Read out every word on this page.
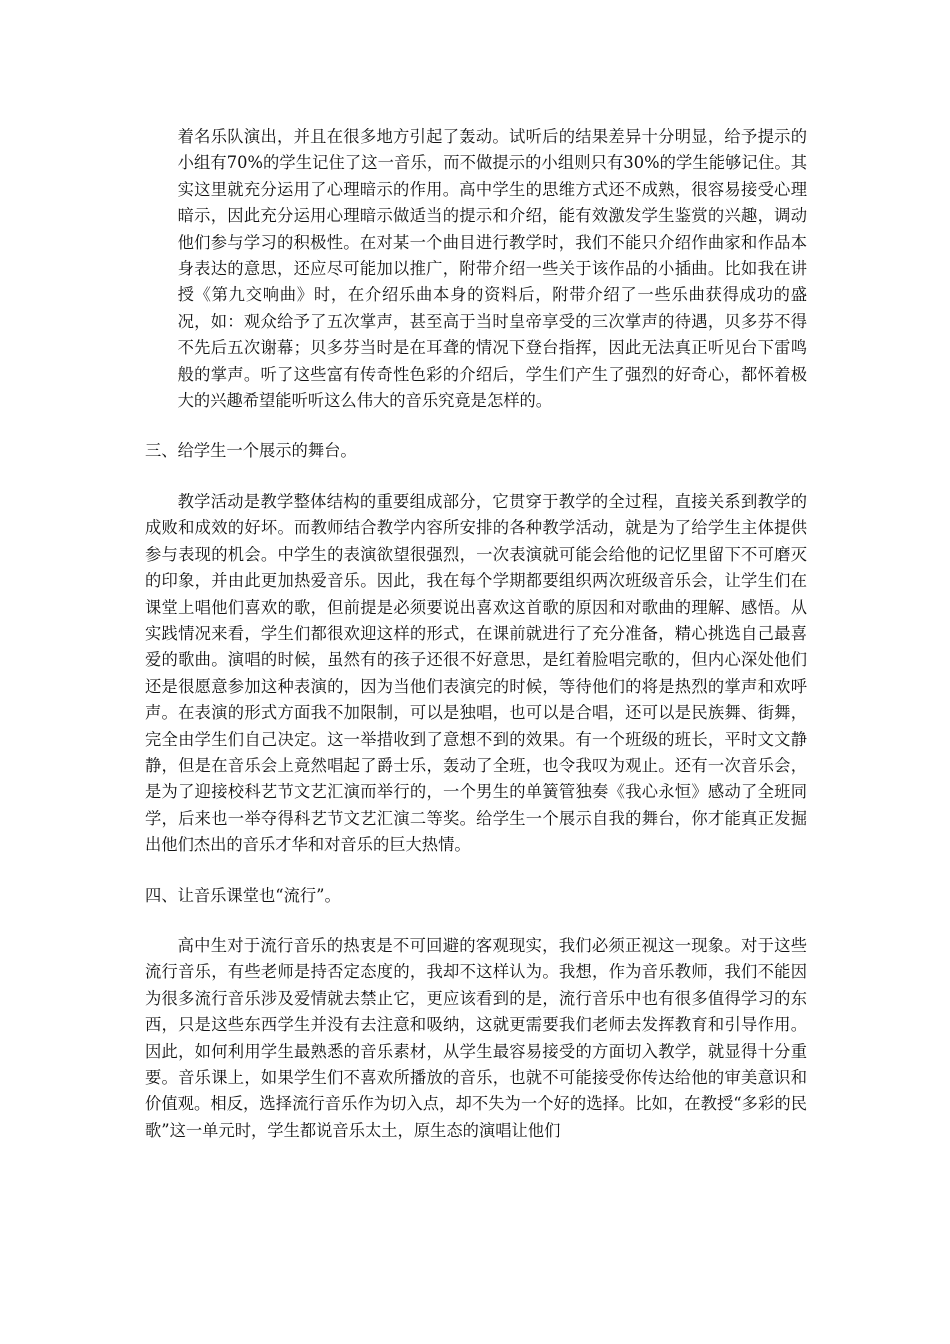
着名乐队演出，并且在很多地方引起了轰动。试听后的结果差异十分明显，给予提示的小组有70%的学生记住了这一音乐，而不做提示的小组则只有30%的学生能够记住。其实这里就充分运用了心理暗示的作用。高中学生的思维方式还不成熟，很容易接受心理暗示，因此充分运用心理暗示做适当的提示和介绍，能有效激发学生鉴赏的兴趣，调动他们参与学习的积极性。在对某一个曲目进行教学时，我们不能只介绍作曲家和作品本身表达的意思，还应尽可能加以推广，附带介绍一些关于该作品的小插曲。比如我在讲授《第九交响曲》时，在介绍乐曲本身的资料后，附带介绍了一些乐曲获得成功的盛况，如：观众给予了五次掌声，甚至高于当时皇帝享受的三次掌声的待遇，贝多芬不得不先后五次谢幕；贝多芬当时是在耳聋的情况下登台指挥，因此无法真正听见台下雷鸣般的掌声。听了这些富有传奇性色彩的介绍后，学生们产生了强烈的好奇心，都怀着极大的兴趣希望能听听这么伟大的音乐究竟是怎样的。

三、给学生一个展示的舞台。

教学活动是教学整体结构的重要组成部分，它贯穿于教学的全过程，直接关系到教学的成败和成效的好坏。而教师结合教学内容所安排的各种教学活动，就是为了给学生主体提供参与表现的机会。中学生的表演欲望很强烈，一次表演就可能会给他的记忆里留下不可磨灭的印象，并由此更加热爱音乐。因此，我在每个学期都要组织两次班级音乐会，让学生们在课堂上唱他们喜欢的歌，但前提是必须要说出喜欢这首歌的原因和对歌曲的理解、感悟。从实践情况来看，学生们都很欢迎这样的形式，在课前就进行了充分准备，精心挑选自己最喜爱的歌曲。演唱的时候，虽然有的孩子还很不好意思，是红着脸唱完歌的，但内心深处他们还是很愿意参加这种表演的，因为当他们表演完的时候，等待他们的将是热烈的掌声和欢呼声。在表演的形式方面我不加限制，可以是独唱，也可以是合唱，还可以是民族舞、街舞，完全由学生们自己决定。这一举措收到了意想不到的效果。有一个班级的班长，平时文文静静，但是在音乐会上竟然唱起了爵士乐，轰动了全班，也令我叹为观止。还有一次音乐会，是为了迎接校科艺节文艺汇演而举行的，一个男生的单簧管独奏《我心永恒》感动了全班同学，后来也一举夺得科艺节文艺汇演二等奖。给学生一个展示自我的舞台，你才能真正发掘出他们杰出的音乐才华和对音乐的巨大热情。

四、让音乐课堂也“流行”。

高中生对于流行音乐的热衷是不可回避的客观现实，我们必须正视这一现象。对于这些流行音乐，有些老师是持否定态度的，我却不这样认为。我想，作为音乐教师，我们不能因为很多流行音乐涉及爱情就去禁止它，更应该看到的是，流行音乐中也有很多值得学习的东西，只是这些东西学生并没有去注意和吸纳，这就更需要我们老师去发挥教育和引导作用。因此，如何利用学生最熟悉的音乐素材，从学生最容易接受的方面切入教学，就显得十分重要。音乐课上，如果学生们不喜欢所播放的音乐，也就不可能接受你传达给他的审美意识和价值观。相反，选择流行音乐作为切入点，却不失为一个好的选择。比如，在教授“多彩的民歌”这一单元时，学生都说音乐太土，原生态的演唱让他们
